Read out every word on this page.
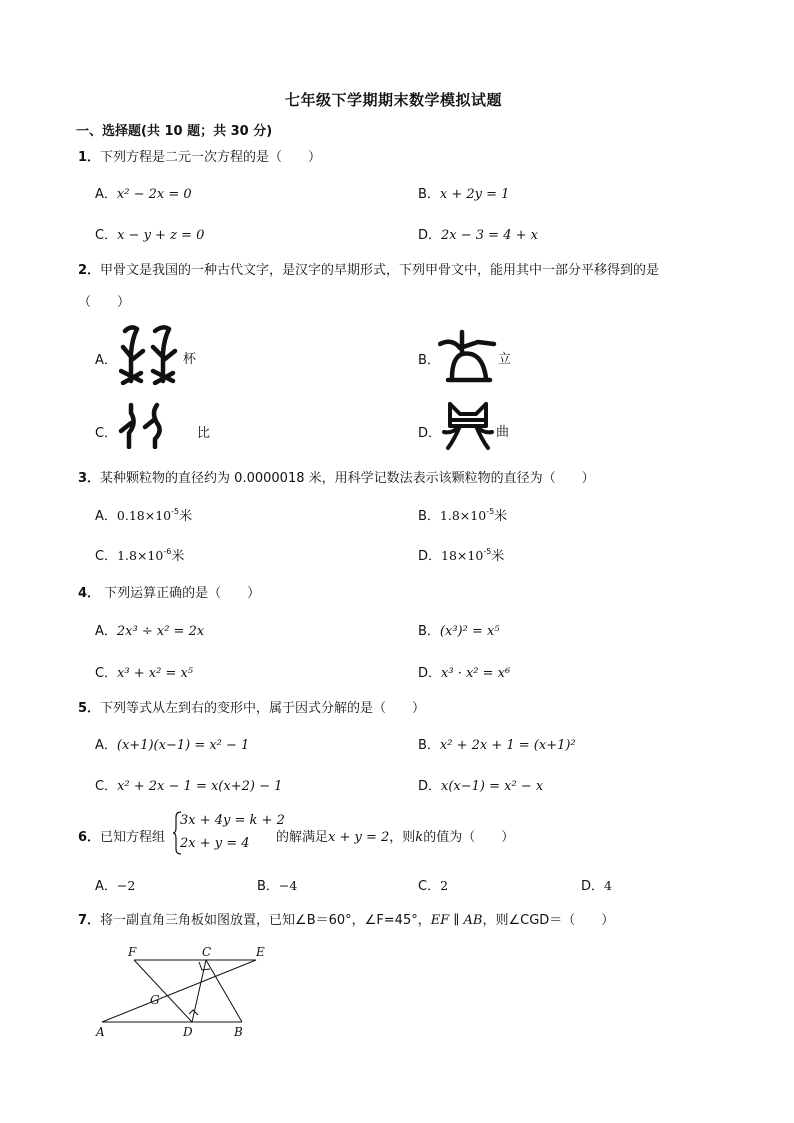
七年级下学期期末数学模拟试题
一、选择题(共 10 题；共 30 分)
1．下列方程是二元一次方程的是（　　）
A．x² − 2x = 0	B．x + 2y = 1
C．x − y + z = 0	D．2x − 3 = 4 + x
2．甲骨文是我国的一种古代文字，是汉字的早期形式，下列甲骨文中，能用其中一部分平移得到的是
（　　）
A．	杯	B．	立
C．	比	D．	曲
3．某种颗粒物的直径约为 0.0000018 米，用科学记数法表示该颗粒物的直径为（　　）
A．$0.18\times 10^{-5}$米	B．$1.8\times 10^{-5}$米
C．$1.8\times 10^{-6}$米	D．$18\times 10^{-5}$米
4． 下列运算正确的是（　　）
A．2x³ ÷ x² = 2x	B．(x³)² = x⁵
C．x³ + x² = x⁵	D．x³ · x² = x⁶
5．下列等式从左到右的变形中，属于因式分解的是（　　）
A．(x+1)(x−1) = x² − 1	B．x² + 2x + 1 = (x+1)²
C．x² + 2x − 1 = x(x+2) − 1	D．x(x−1) = x² − x
6．已知方程组
3x + 4y = k + 2
2x + y = 4 的解满足x + y = 2，则k的值为（　　）
A．−2	B．−4	C．2	D．4
7．将一副直角三角板如图放置，已知∠B＝60°，∠F=45°，EF ∥ AB，则∠CGD＝（　　）
F	C	E
G
A	D	B
